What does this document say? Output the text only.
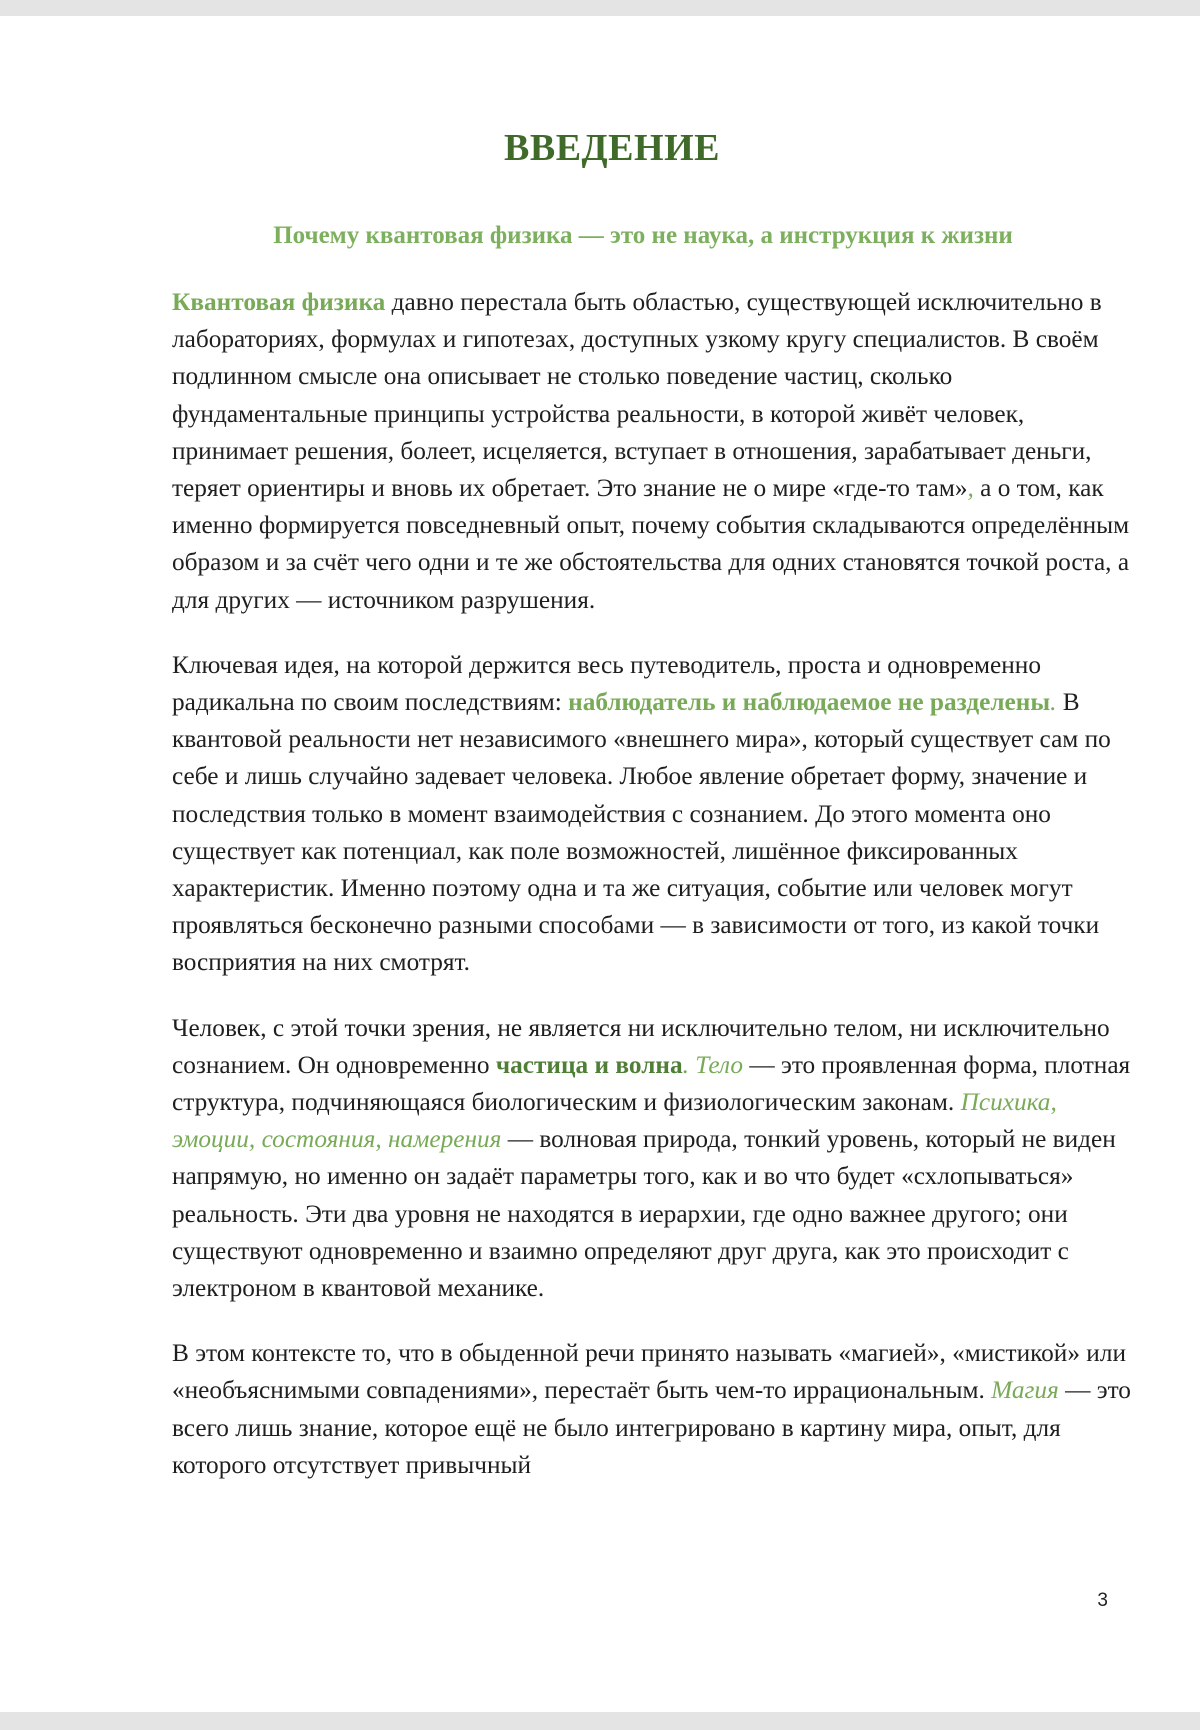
ВВЕДЕНИЕ
Почему квантовая физика — это не наука, а инструкция к жизни

Квантовая физика давно перестала быть областью, существующей исключительно в лабораториях, формулах и гипотезах, доступных узкому кругу специалистов. В своём подлинном смысле она описывает не столько поведение частиц, сколько фундаментальные принципы устройства реальности, в которой живёт человек, принимает решения, болеет, исцеляется, вступает в отношения, зарабатывает деньги, теряет ориентиры и вновь их обретает. Это знание не о мире «где-то там», а о том, как именно формируется повседневный опыт, почему события складываются определённым образом и за счёт чего одни и те же обстоятельства для одних становятся точкой роста, а для других — источником разрушения.

Ключевая идея, на которой держится весь путеводитель, проста и одновременно радикальна по своим последствиям: наблюдатель и наблюдаемое не разделены. В квантовой реальности нет независимого «внешнего мира», который существует сам по себе и лишь случайно задевает человека. Любое явление обретает форму, значение и последствия только в момент взаимодействия с сознанием. До этого момента оно существует как потенциал, как поле возможностей, лишённое фиксированных характеристик. Именно поэтому одна и та же ситуация, событие или человек могут проявляться бесконечно разными способами — в зависимости от того, из какой точки восприятия на них смотрят.

Человек, с этой точки зрения, не является ни исключительно телом, ни исключительно сознанием. Он одновременно частица и волна. Тело — это проявленная форма, плотная структура, подчиняющаяся биологическим и физиологическим законам. Психика, эмоции, состояния, намерения — волновая природа, тонкий уровень, который не виден напрямую, но именно он задаёт параметры того, как и во что будет «схлопываться» реальность. Эти два уровня не находятся в иерархии, где одно важнее другого; они существуют одновременно и взаимно определяют друг друга, как это происходит с электроном в квантовой механике.

В этом контексте то, что в обыденной речи принято называть «магией», «мистикой» или «необъяснимыми совпадениями», перестаёт быть чем-то иррациональным. Магия — это всего лишь знание, которое ещё не было интегрировано в картину мира, опыт, для которого отсутствует привычный

3
